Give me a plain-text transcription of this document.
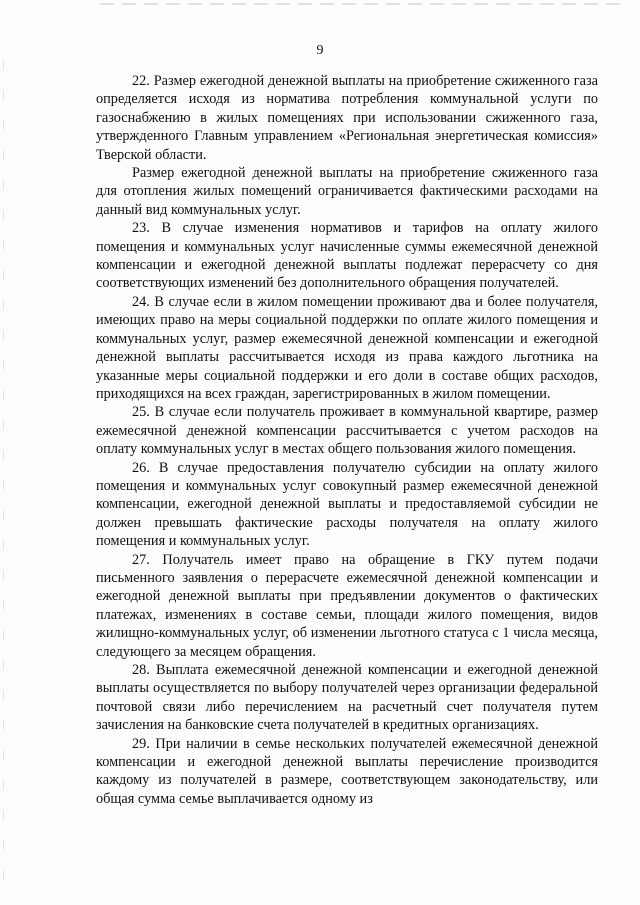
9

22. Размер ежегодной денежной выплаты на приобретение сжиженного газа определяется исходя из норматива потребления коммунальной услуги по газоснабжению в жилых помещениях при использовании сжиженного газа, утвержденного Главным управлением «Региональная энергетическая комиссия» Тверской области.

Размер ежегодной денежной выплаты на приобретение сжиженного газа для отопления жилых помещений ограничивается фактическими расходами на данный вид коммунальных услуг.

23. В случае изменения нормативов и тарифов на оплату жилого помещения и коммунальных услуг начисленные суммы ежемесячной денежной компенсации и ежегодной денежной выплаты подлежат перерасчету со дня соответствующих изменений без дополнительного обращения получателей.

24. В случае если в жилом помещении проживают два и более получателя, имеющих право на меры социальной поддержки по оплате жилого помещения и коммунальных услуг, размер ежемесячной денежной компенсации и ежегодной денежной выплаты рассчитывается исходя из права каждого льготника на указанные меры социальной поддержки и его доли в составе общих расходов, приходящихся на всех граждан, зарегистрированных в жилом помещении.

25. В случае если получатель проживает в коммунальной квартире, размер ежемесячной денежной компенсации рассчитывается с учетом расходов на оплату коммунальных услуг в местах общего пользования жилого помещения.

26. В случае предоставления получателю субсидии на оплату жилого помещения и коммунальных услуг совокупный размер ежемесячной денежной компенсации, ежегодной денежной выплаты и предоставляемой субсидии не должен превышать фактические расходы получателя на оплату жилого помещения и коммунальных услуг.

27. Получатель имеет право на обращение в ГКУ путем подачи письменного заявления о перерасчете ежемесячной денежной компенсации и ежегодной денежной выплаты при предъявлении документов о фактических платежах, изменениях в составе семьи, площади жилого помещения, видов жилищно-коммунальных услуг, об изменении льготного статуса с 1 числа месяца, следующего за месяцем обращения.

28. Выплата ежемесячной денежной компенсации и ежегодной денежной выплаты осуществляется по выбору получателей через организации федеральной почтовой связи либо перечислением на расчетный счет получателя путем зачисления на банковские счета получателей в кредитных организациях.

29. При наличии в семье нескольких получателей ежемесячной денежной компенсации и ежегодной денежной выплаты перечисление производится каждому из получателей в размере, соответствующем законодательству, или общая сумма семье выплачивается одному из
